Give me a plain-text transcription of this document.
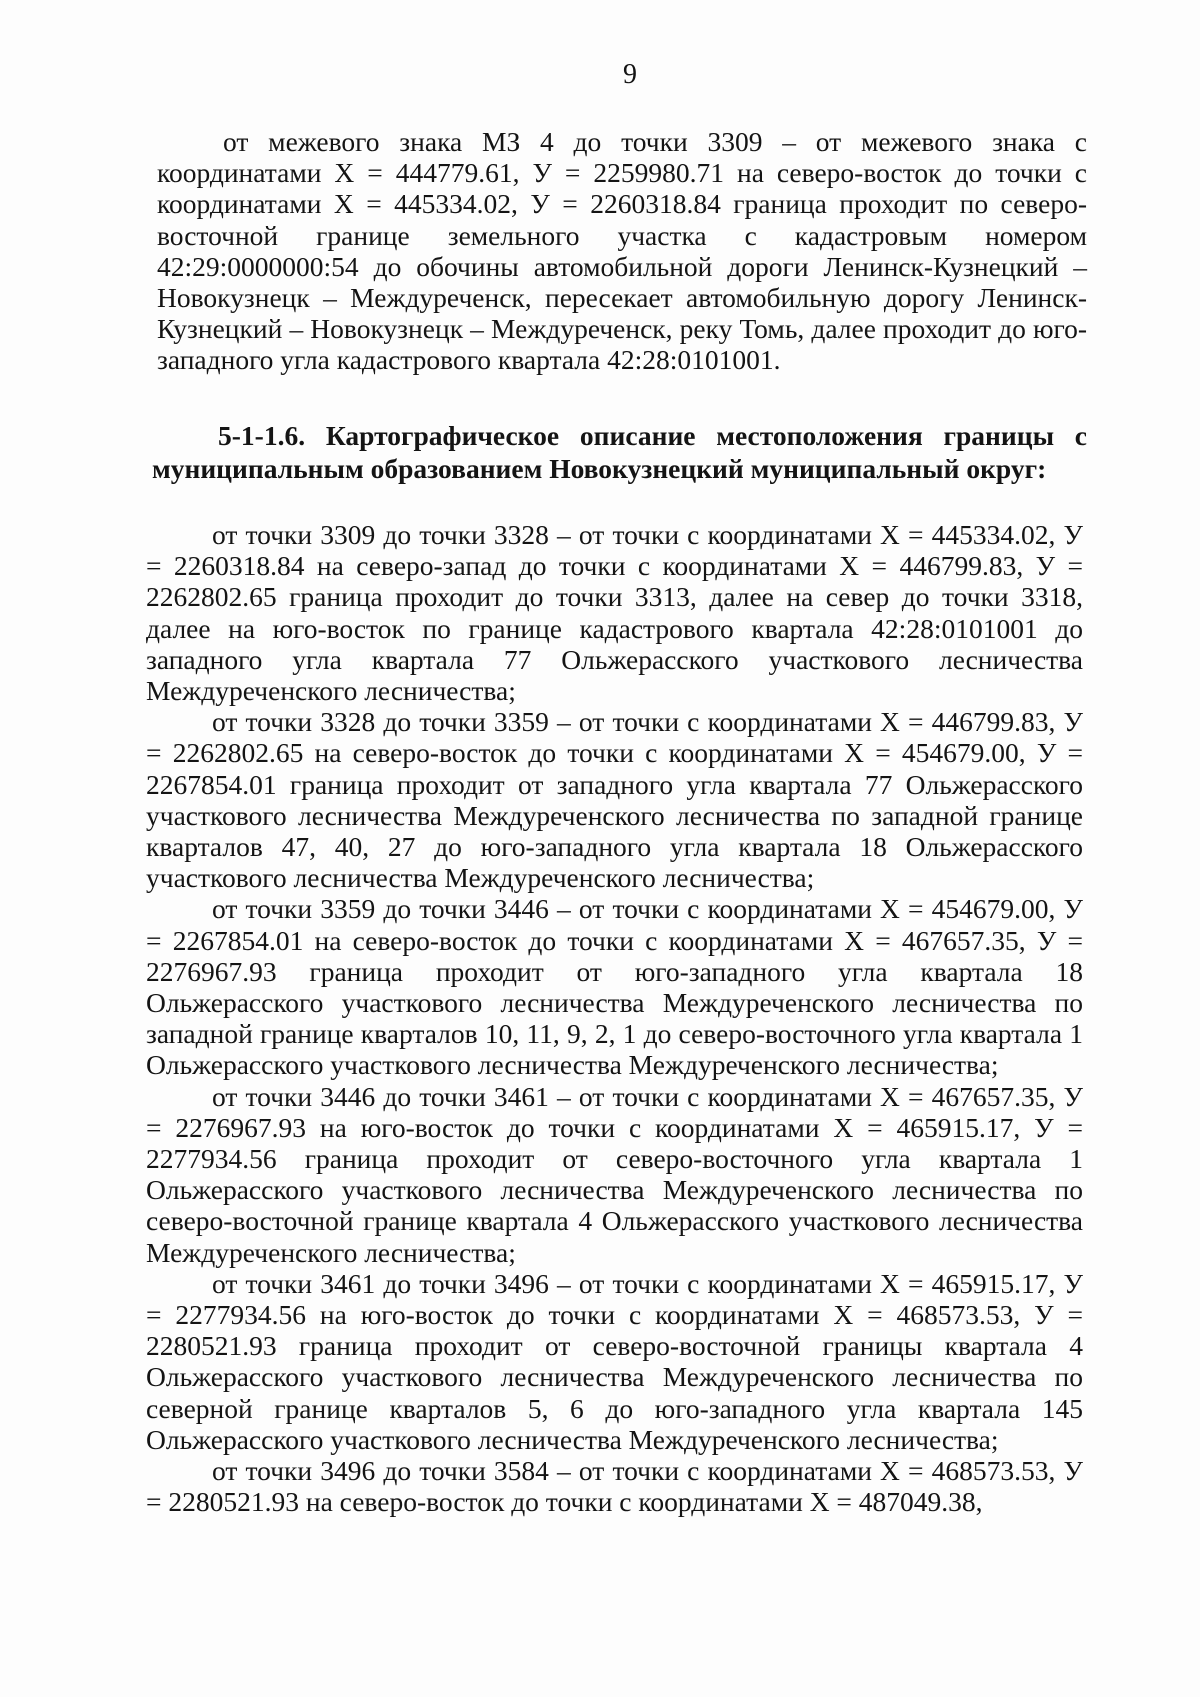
9

от межевого знака МЗ 4 до точки 3309 – от межевого знака с координатами Х = 444779.61, У = 2259980.71 на северо-восток до точки с координатами Х = 445334.02, У = 2260318.84 граница проходит по северо-восточной границе земельного участка с кадастровым номером 42:29:0000000:54 до обочины автомобильной дороги Ленинск-Кузнецкий – Новокузнецк – Междуреченск, пересекает автомобильную дорогу Ленинск-Кузнецкий – Новокузнецк – Междуреченск, реку Томь, далее проходит до юго-западного угла кадастрового квартала 42:28:0101001.

5-1-1.6. Картографическое описание местоположения границы с муниципальным образованием Новокузнецкий муниципальный округ:

от точки 3309 до точки 3328 – от точки с координатами Х = 445334.02, У = 2260318.84 на северо-запад до точки с координатами Х = 446799.83, У = 2262802.65 граница проходит до точки 3313, далее на север до точки 3318, далее на юго-восток по границе кадастрового квартала 42:28:0101001 до западного угла квартала 77 Ольжерасского участкового лесничества Междуреченского лесничества;

от точки 3328 до точки 3359 – от точки с координатами Х = 446799.83, У = 2262802.65 на северо-восток до точки с координатами Х = 454679.00, У = 2267854.01 граница проходит от западного угла квартала 77 Ольжерасского участкового лесничества Междуреченского лесничества по западной границе кварталов 47, 40, 27 до юго-западного угла квартала 18 Ольжерасского участкового лесничества Междуреченского лесничества;

от точки 3359 до точки 3446 – от точки с координатами Х = 454679.00, У = 2267854.01 на северо-восток до точки с координатами Х = 467657.35, У = 2276967.93 граница проходит от юго-западного угла квартала 18 Ольжерасского участкового лесничества Междуреченского лесничества по западной границе кварталов 10, 11, 9, 2, 1 до северо-восточного угла квартала 1 Ольжерасского участкового лесничества Междуреченского лесничества;

от точки 3446 до точки 3461 – от точки с координатами Х = 467657.35, У = 2276967.93 на юго-восток до точки с координатами Х = 465915.17, У = 2277934.56 граница проходит от северо-восточного угла квартала 1 Ольжерасского участкового лесничества Междуреченского лесничества по северо-восточной границе квартала 4 Ольжерасского участкового лесничества Междуреченского лесничества;

от точки 3461 до точки 3496 – от точки с координатами Х = 465915.17, У = 2277934.56 на юго-восток до точки с координатами Х = 468573.53, У = 2280521.93 граница проходит от северо-восточной границы квартала 4 Ольжерасского участкового лесничества Междуреченского лесничества по северной границе кварталов 5, 6 до юго-западного угла квартала 145 Ольжерасского участкового лесничества Междуреченского лесничества;

от точки 3496 до точки 3584 – от точки с координатами Х = 468573.53, У = 2280521.93 на северо-восток до точки с координатами Х = 487049.38,
